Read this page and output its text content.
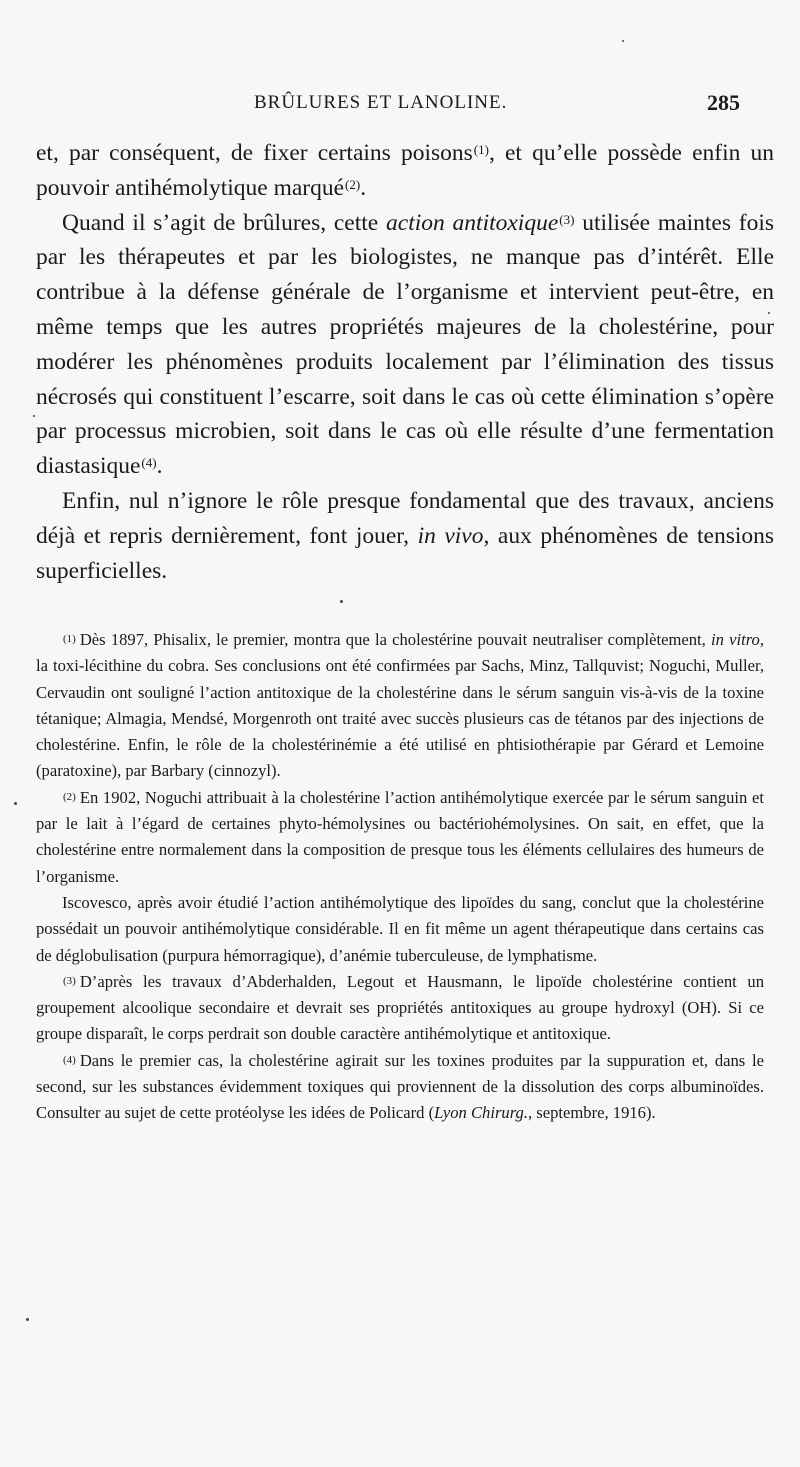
BRÛLURES ET LANOLINE.	285

et, par conséquent, de fixer certains poisons$^{(1)}$, et qu’elle possède enfin un pouvoir antihémolytique marqué$^{(2)}$.

Quand il s’agit de brûlures, cette action antitoxique$^{(3)}$ utilisée maintes fois par les thérapeutes et par les biologistes, ne manque pas d’intérêt. Elle contribue à la défense générale de l’organisme et intervient peut-être, en même temps que les autres propriétés majeures de la cholestérine, pour modérer les phénomènes produits localement par l’élimination des tissus nécrosés qui constituent l’escarre, soit dans le cas où cette élimination s’opère par processus microbien, soit dans le cas où elle résulte d’une fermentation diastasique$^{(4)}$.

Enfin, nul n’ignore le rôle presque fondamental que des travaux, anciens déjà et repris dernièrement, font jouer, in vivo, aux phénomènes de tensions superficielles.

$^{(1)}$ Dès 1897, Phisalix, le premier, montra que la cholestérine pouvait neutraliser complètement, in vitro, la toxi-lécithine du cobra. Ses conclusions ont été confirmées par Sachs, Minz, Tallquvist; Noguchi, Muller, Cervaudin ont souligné l’action antitoxique de la cholestérine dans le sérum sanguin vis-à-vis de la toxine tétanique; Almagia, Mendsé, Morgenroth ont traité avec succès plusieurs cas de tétanos par des injections de cholestérine. Enfin, le rôle de la cholestérinémie a été utilisé en phtisiothérapie par Gérard et Lemoine (paratoxine), par Barbary (cinnozyl).

$^{(2)}$ En 1902, Noguchi attribuait à la cholestérine l’action antihémolytique exercée par le sérum sanguin et par le lait à l’égard de certaines phyto-hémolysines ou bactériohémolysines. On sait, en effet, que la cholestérine entre normalement dans la composition de presque tous les éléments cellulaires des humeurs de l’organisme.

Iscovesco, après avoir étudié l’action antihémolytique des lipoïdes du sang, conclut que la cholestérine possédait un pouvoir antihémolytique considérable. Il en fit même un agent thérapeutique dans certains cas de déglobulisation (purpura hémorragique), d’anémie tuberculeuse, de lymphatisme.

$^{(3)}$ D’après les travaux d’Abderhalden, Legout et Hausmann, le lipoïde cholestérine contient un groupement alcoolique secondaire et devrait ses propriétés antitoxiques au groupe hydroxyl (OH). Si ce groupe disparaît, le corps perdrait son double caractère antihémolytique et antitoxique.

$^{(4)}$ Dans le premier cas, la cholestérine agirait sur les toxines produites par la suppuration et, dans le second, sur les substances évidemment toxiques qui proviennent de la dissolution des corps albuminoïdes. Consulter au sujet de cette protéolyse les idées de Policard (Lyon Chirurg., septembre, 1916).
